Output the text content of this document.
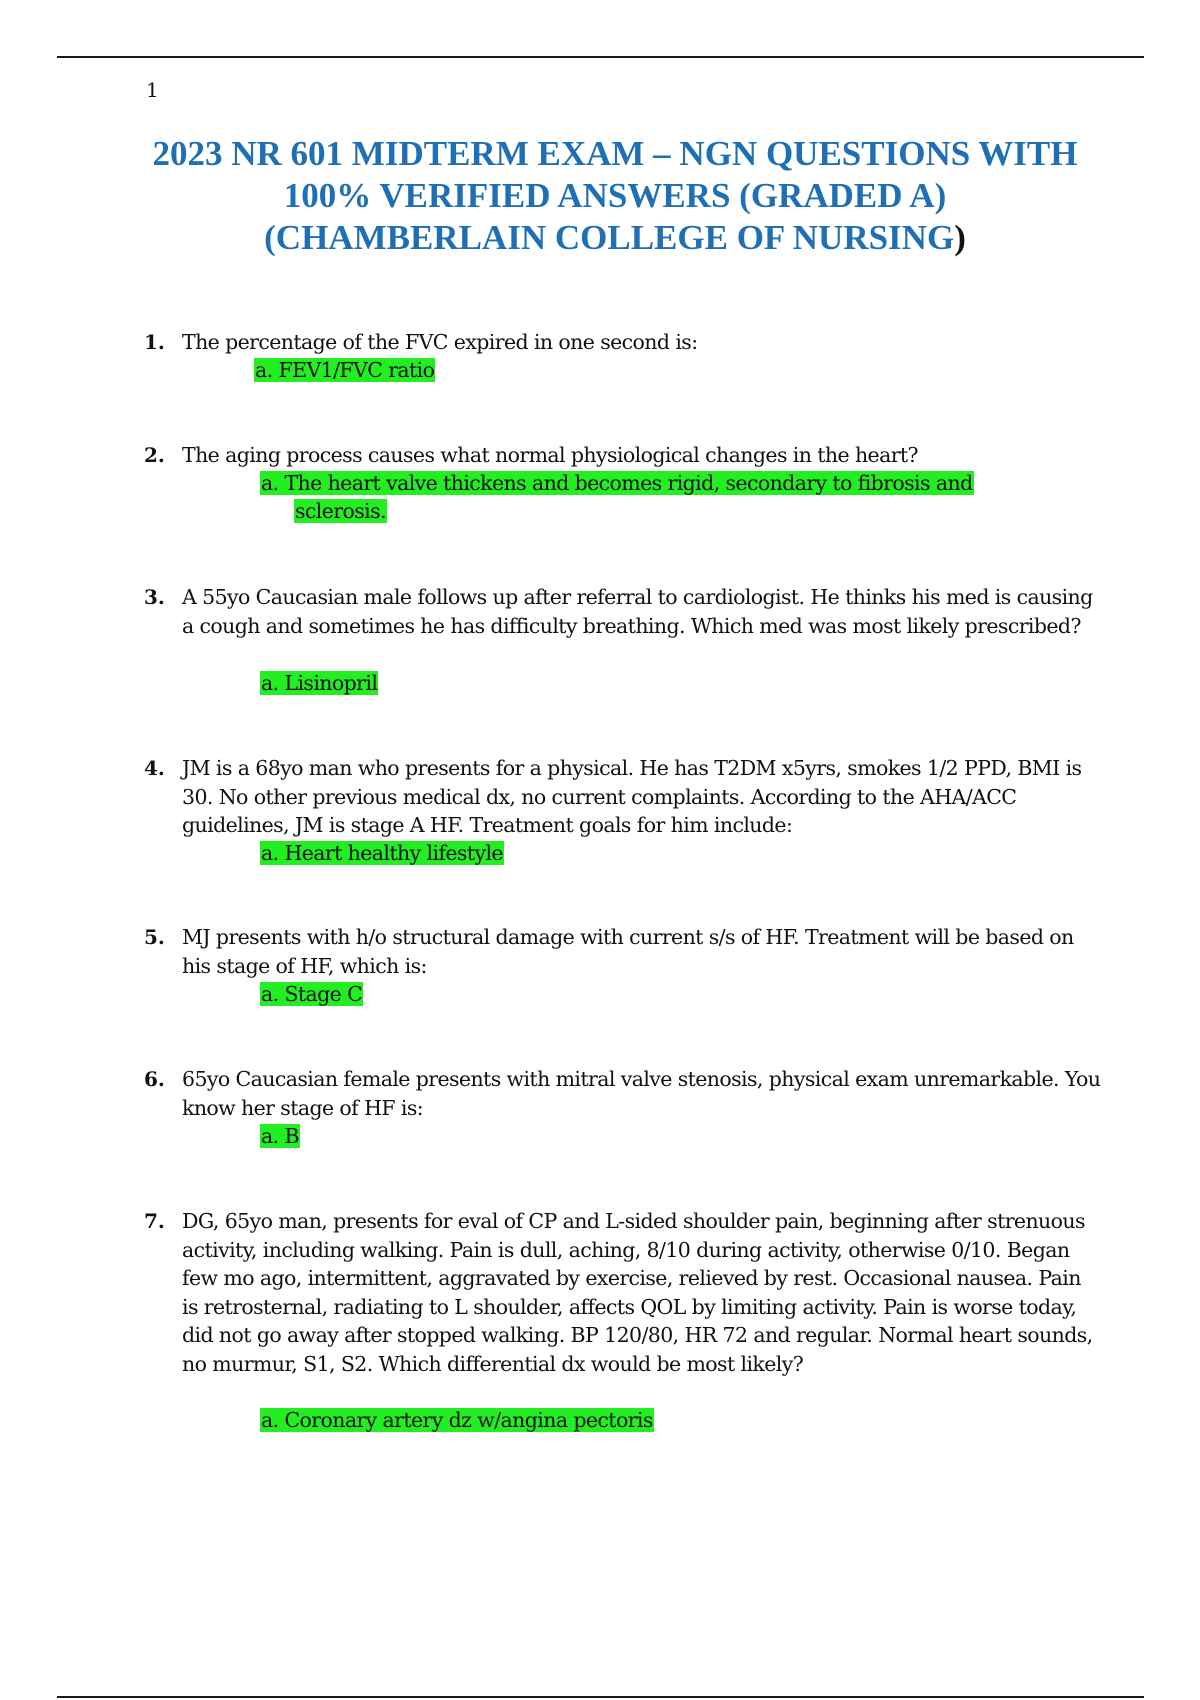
1
2023 NR 601 MIDTERM EXAM – NGN QUESTIONS WITH
100% VERIFIED ANSWERS (GRADED A)
(CHAMBERLAIN COLLEGE OF NURSING)
1. The percentage of the FVC expired in one second is:
a. FEV1/FVC ratio
2. The aging process causes what normal physiological changes in the heart?
a. The heart valve thickens and becomes rigid, secondary to fibrosis and
sclerosis.
3. A 55yo Caucasian male follows up after referral to cardiologist. He thinks his med is causing a cough and sometimes he has difficulty breathing. Which med was most likely prescribed?
a. Lisinopril
4. JM is a 68yo man who presents for a physical. He has T2DM x5yrs, smokes 1/2 PPD, BMI is 30. No other previous medical dx, no current complaints. According to the AHA/ACC guidelines, JM is stage A HF. Treatment goals for him include:
a. Heart healthy lifestyle
5. MJ presents with h/o structural damage with current s/s of HF. Treatment will be based on his stage of HF, which is:
a. Stage C
6. 65yo Caucasian female presents with mitral valve stenosis, physical exam unremarkable. You know her stage of HF is:
a. B
7. DG, 65yo man, presents for eval of CP and L-sided shoulder pain, beginning after strenuous activity, including walking. Pain is dull, aching, 8/10 during activity, otherwise 0/10. Began few mo ago, intermittent, aggravated by exercise, relieved by rest. Occasional nausea. Pain is retrosternal, radiating to L shoulder, affects QOL by limiting activity. Pain is worse today, did not go away after stopped walking. BP 120/80, HR 72 and regular. Normal heart sounds, no murmur, S1, S2. Which differential dx would be most likely?
a. Coronary artery dz w/angina pectoris
